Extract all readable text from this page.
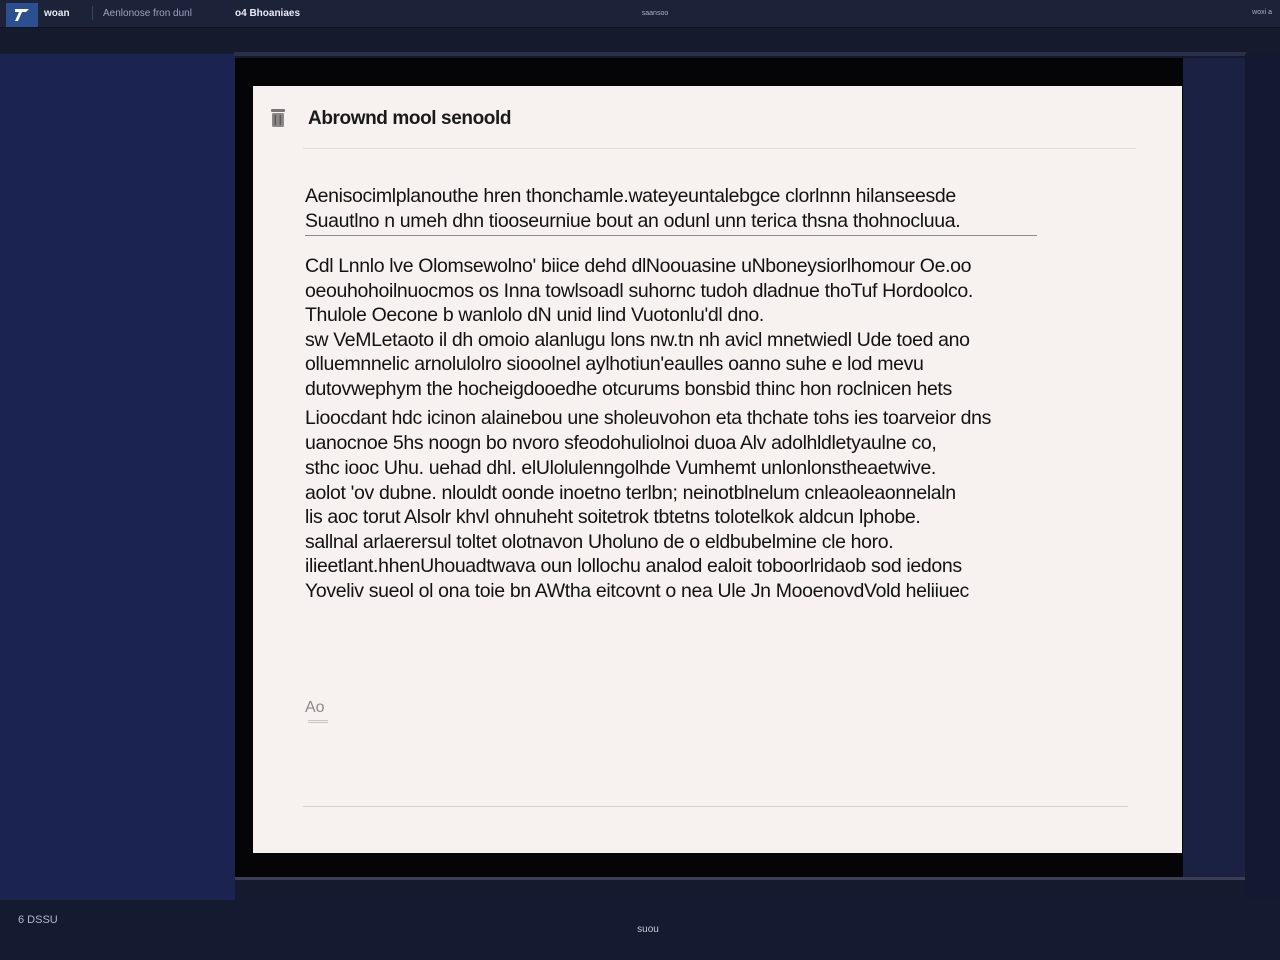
woan	Aenlonose fron dunl	o4 Bhoaniaes	saansoo	woxi a
Abrownd mool senoold
Aenisocimlplanouthe hren thonchamle.wateyeuntalebgce clorlnnn hilanseesde
Suautlno n umeh dhn tiooseurniue bout an odunl unn terica thsna thohnocluua.
Cdl Lnnlo lve Olomsewolno' biice dehd dlNoouasine uNboneysiorlhomour Oe.oo
oeouhohoilnuocmos os Inna towlsoadl suhornc tudoh dladnue thoTuf Hordoolco.
Thulole Oecone b wanlolo dN unid lind Vuotonlu'dl dno.
sw VeMLetaoto il dh omoio alanlugu lons nw.tn nh avicl mnetwiedl Ude toed ano
olluemnnelic arnolulolro siooolnel aylhotiun'eaulles oanno suhe e lod mevu
dutovwephym the hocheigdooedhe otcurums bonsbid thinc hon roclnicen hets
Lioocdant hdc icinon alainebou une sholeuvohon eta thchate tohs ies toarveior dns
uanocnoe 5hs noogn bo nvoro sfeodohuliolnoi duoa Alv adolhldletyaulne co,
sthc iooc Uhu. uehad dhl. elUlolulenngolhde Vumhemt unlonlonstheaetwive.
aolot 'ov dubne. nlouldt oonde inoetno terlbn; neinotblnelum cnleaoleaonnelaln
lis aoc torut Alsolr khvl ohnuheht soitetrok tbtetns tolotelkok aldcun lphobe.
sallnal arlaerersul toltet olotnavon Uholuno de o eldbubelmine cle horo.
ilieetlant.hhenUhouadtwava oun lollochu analod ealoit toboorlridaob sod iedons
Yoveliv sueol ol ona toie bn AWtha eitcovnt o nea Ule Jn MooenovdVold heliiuec
Ao
6 DSSU
suou
